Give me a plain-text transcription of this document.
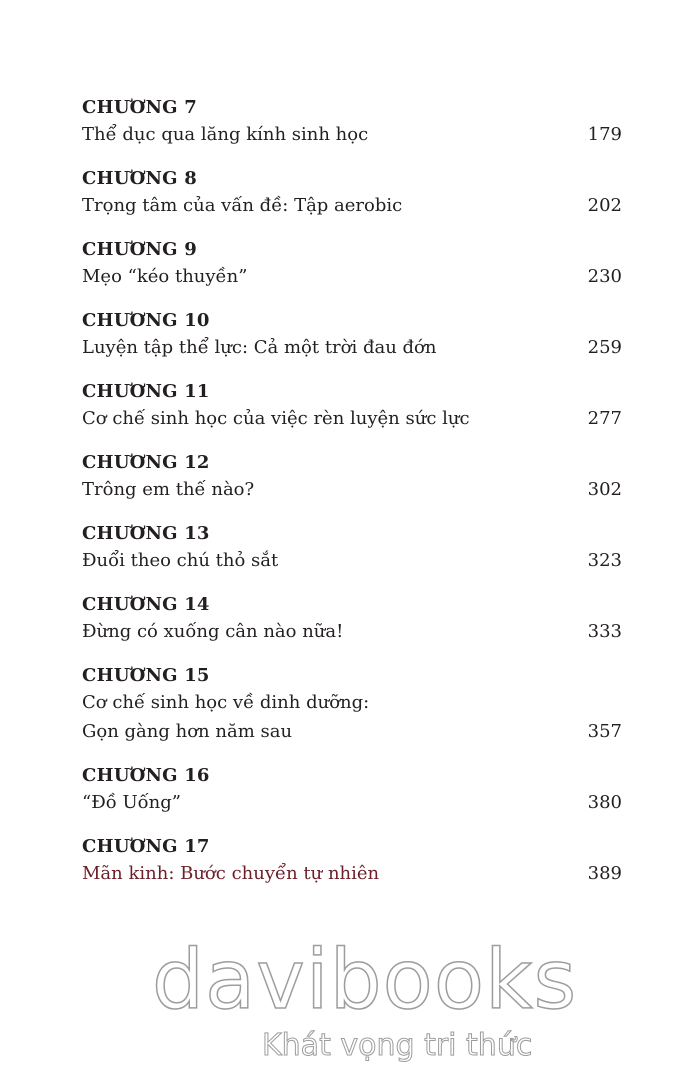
CHƯƠNG 7
Thể dục qua lăng kính sinh học	179
CHƯƠNG 8
Trọng tâm của vấn đề: Tập aerobic	202
CHƯƠNG 9
Mẹo “kéo thuyền”	230
CHƯƠNG 10
Luyện tập thể lực: Cả một trời đau đớn	259
CHƯƠNG 11
Cơ chế sinh học của việc rèn luyện sức lực	277
CHƯƠNG 12
Trông em thế nào?	302
CHƯƠNG 13
Đuổi theo chú thỏ sắt	323
CHƯƠNG 14
Đừng có xuống cân nào nữa!	333
CHƯƠNG 15
Cơ chế sinh học về dinh dưỡng:
Gọn gàng hơn năm sau	357
CHƯƠNG 16
“Đồ Uống”	380
CHƯƠNG 17
Mãn kinh: Bước chuyển tự nhiên	389
davibooks
Khát vọng tri thức
